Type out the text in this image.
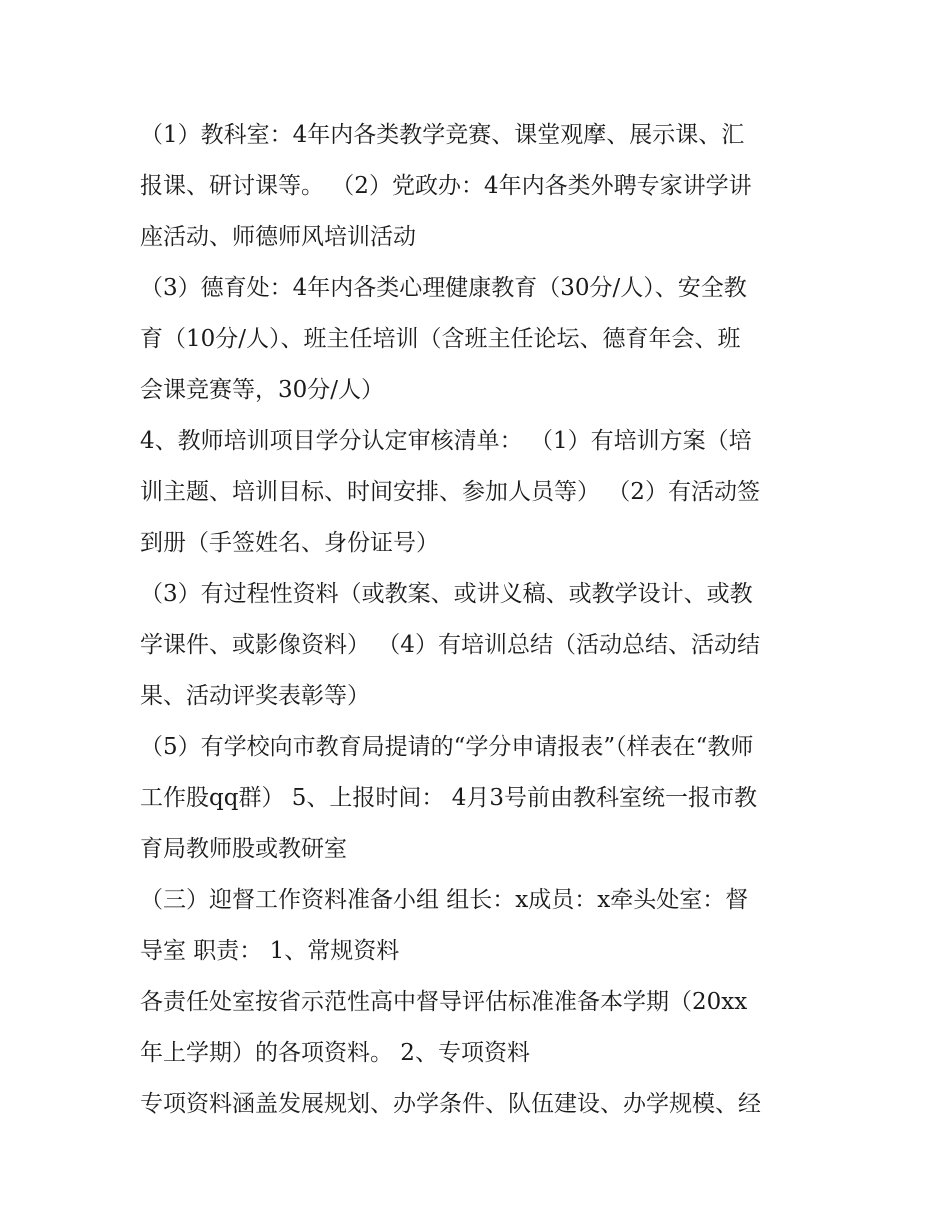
（1）教科室：4年内各类教学竞赛、课堂观摩、展示课、汇
报课、研讨课等。 （2）党政办：4年内各类外聘专家讲学讲
座活动、师德师风培训活动
（3）德育处：4年内各类心理健康教育（30分/人）、安全教
育（10分/人）、班主任培训（含班主任论坛、德育年会、班
会课竞赛等，30分/人）
4、教师培训项目学分认定审核清单： （1）有培训方案（培
训主题、培训目标、时间安排、参加人员等） （2）有活动签
到册（手签姓名、身份证号）
（3）有过程性资料（或教案、或讲义稿、或教学设计、或教
学课件、或影像资料） （4）有培训总结（活动总结、活动结
果、活动评奖表彰等）
（5）有学校向市教育局提请的“学分申请报表”（样表在“教师
工作股qq群） 5、上报时间： 4月3号前由教科室统一报市教
育局教师股或教研室
（三）迎督工作资料准备小组 组长：x成员：x牵头处室：督
导室 职责： 1、常规资料
各责任处室按省示范性高中督导评估标准准备本学期（20xx
年上学期）的各项资料。 2、专项资料
专项资料涵盖发展规划、办学条件、队伍建设、办学规模、经
